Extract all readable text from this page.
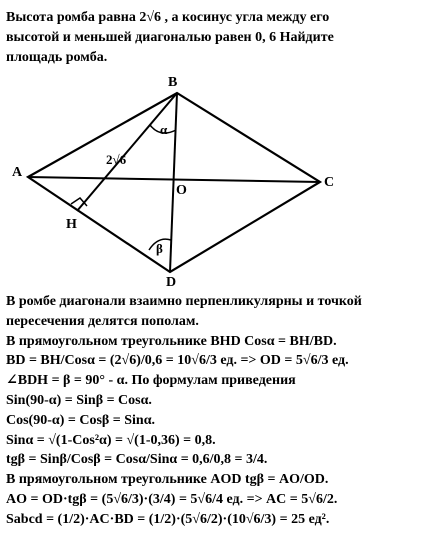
Высота ромба равна 2√6 , а косинус угла между его
высотой и меньшей диагональю равен 0, 6 Найдите
площадь ромба.
A
B
C
D
H
O
α
β
2√6
В ромбе диагонали взаимно перпенликулярны и точкой
пересечения делятся пополам.
В прямоугольном треугольнике BHD Cosα = BH/BD.
BD = BH/Cosα = (2√6)/0,6 = 10√6/3 ед. => OD = 5√6/3 ед.
∠BDH = β = 90° - α. По формулам приведения
Sin(90-α) = Sinβ = Cosα.
Cos(90-α) = Cosβ = Sinα.
Sinα = √(1-Cos²α) = √(1-0,36) = 0,8.
tgβ = Sinβ/Cosβ = Cosα/Sinα = 0,6/0,8 = 3/4.
В прямоугольном треугольнике AOD tgβ = AO/OD.
AO = OD·tgβ = (5√6/3)·(3/4) = 5√6/4 ед. => AC = 5√6/2.
Sabcd = (1/2)·AC·BD = (1/2)·(5√6/2)·(10√6/3) = 25 ед².
